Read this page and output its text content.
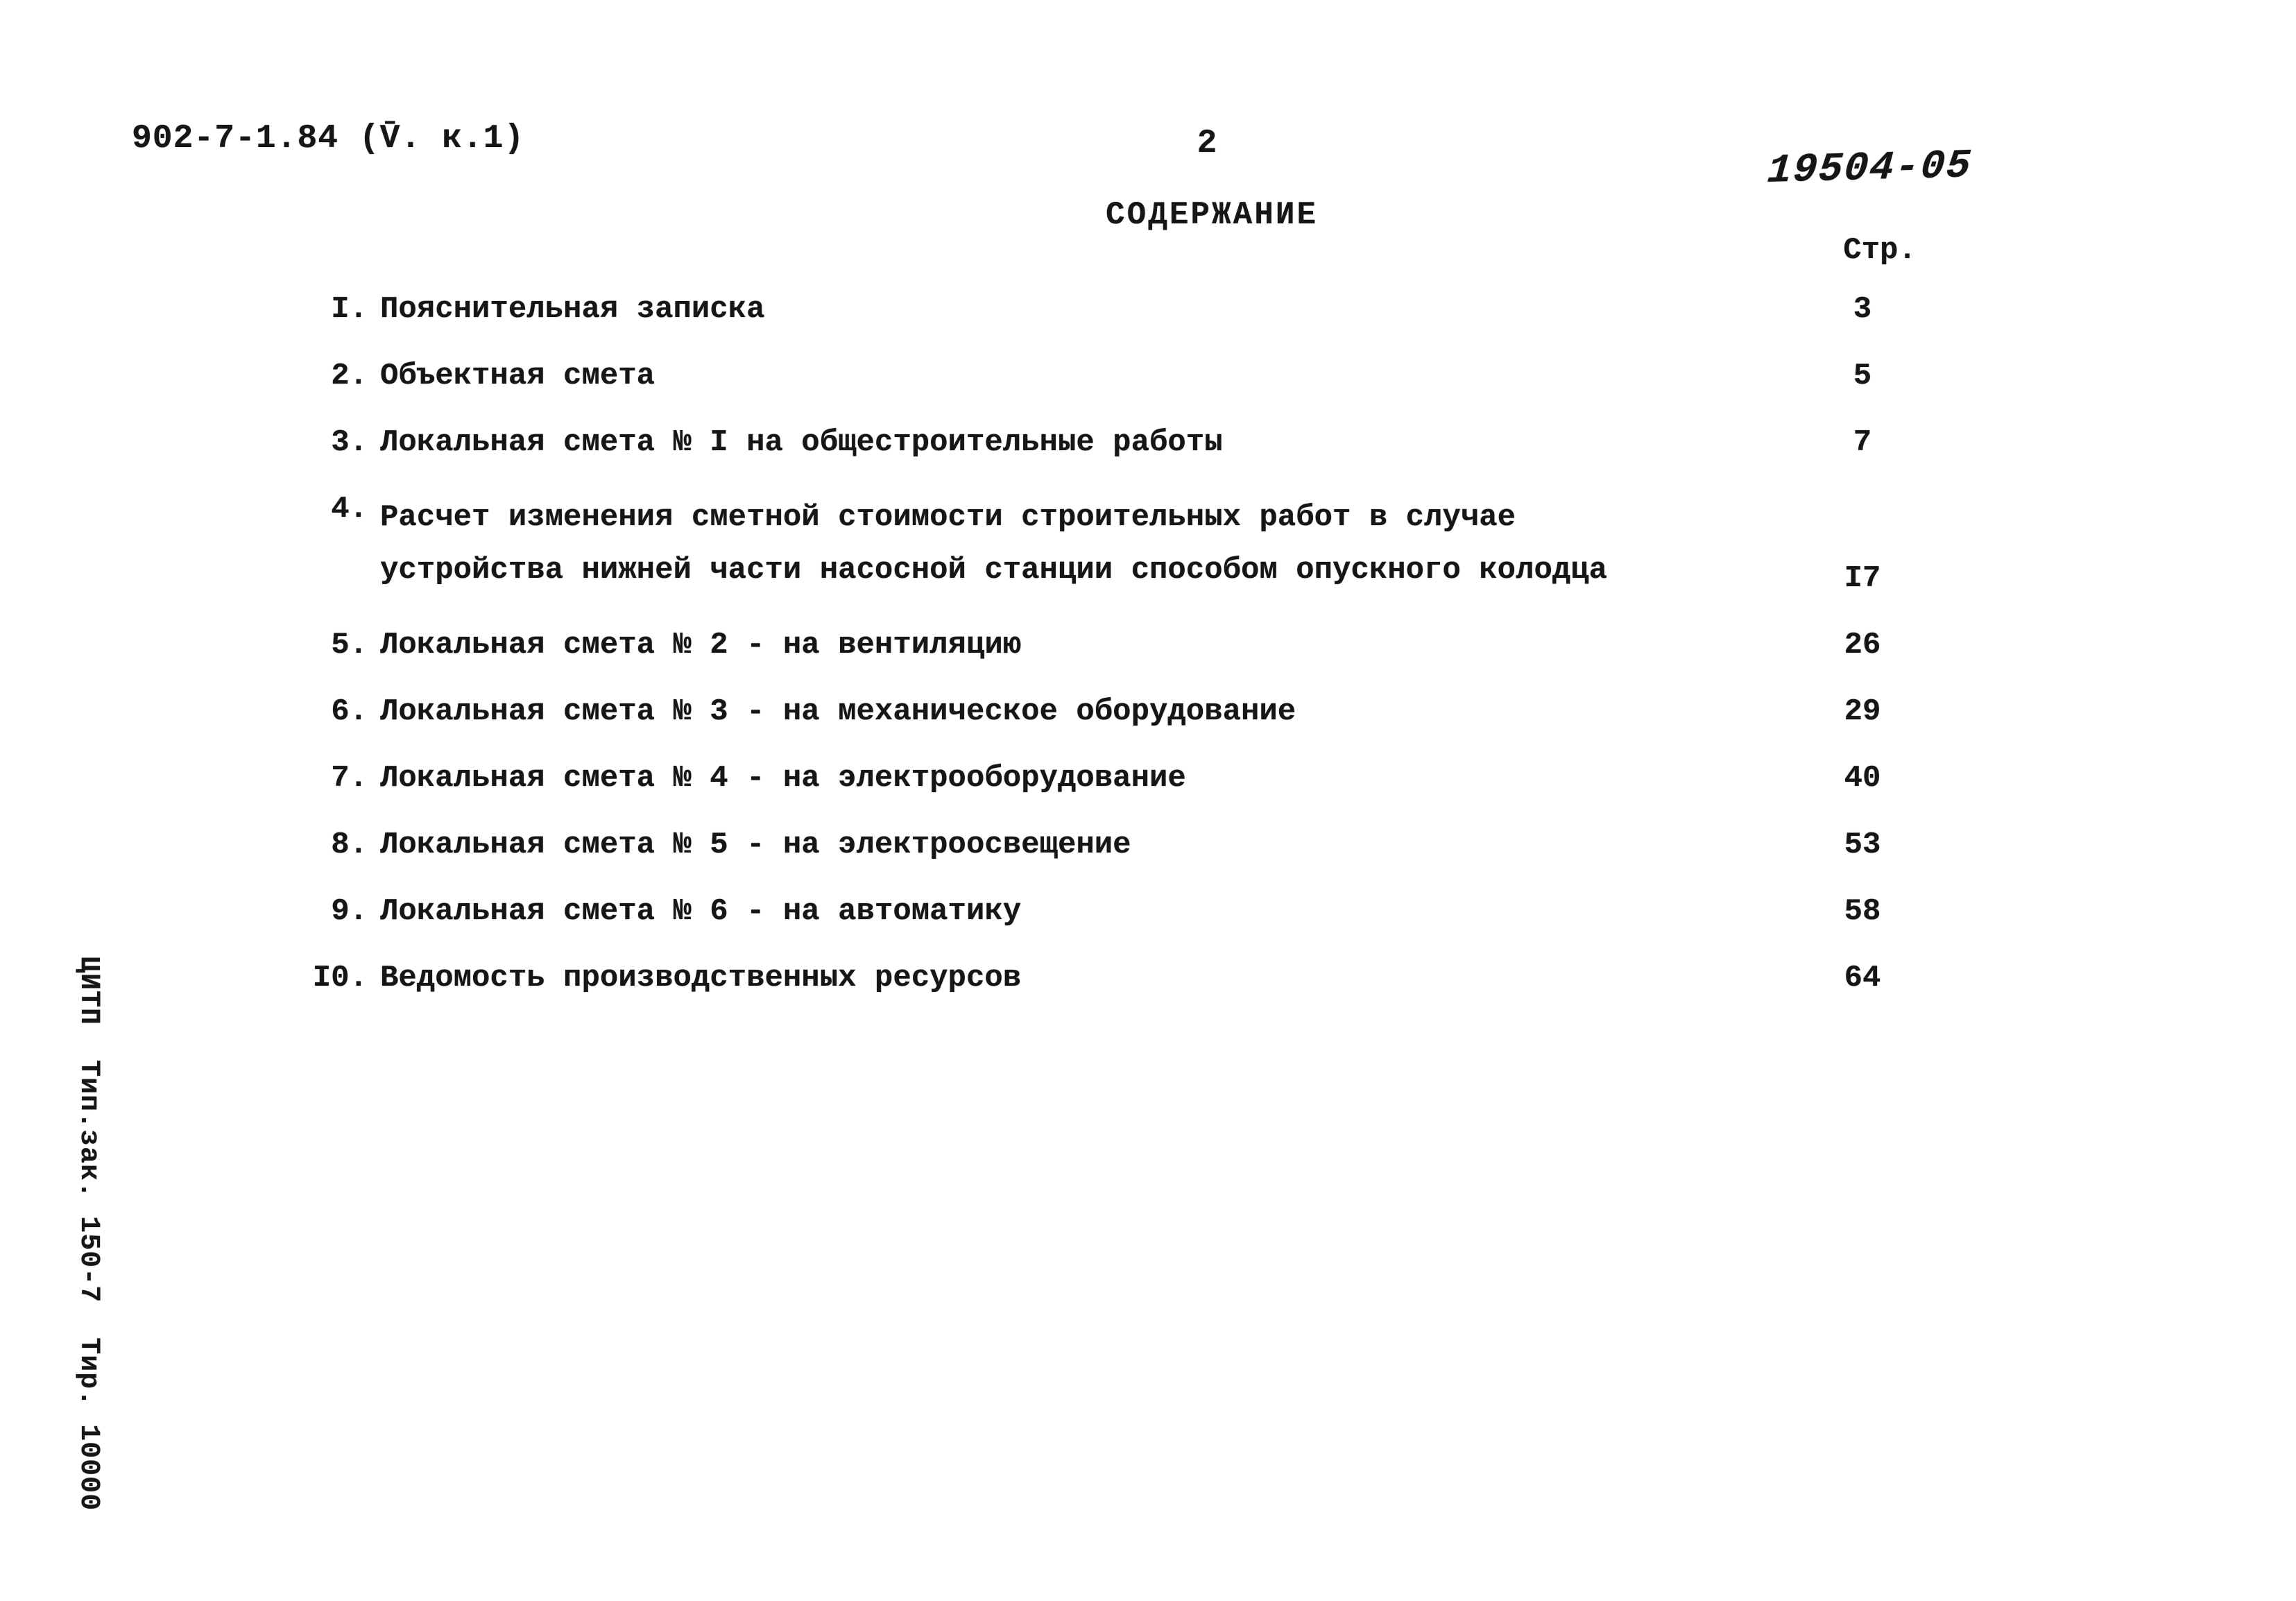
902-7-1.84 (V̄. к.1)	2
19504-05
СОДЕРЖАНИЕ
Стр.
I. Пояснительная записка	3
2. Объектная смета	5
3. Локальная смета № I на общестроительные работы	7
4. Расчет изменения сметной стоимости строительных работ в случае
устройства нижней части насосной станции способом опускного колодца	I7
5. Локальная смета № 2 - на вентиляцию	26
6. Локальная смета № 3 - на механическое оборудование	29
7. Локальная смета № 4 - на электрооборудование	40
8. Локальная смета № 5 - на электроосвещение	53
9. Локальная смета № 6 - на автоматику	58
I0. Ведомость производственных ресурсов	64
ЦИТП  Тип.зак. 150-7  Тир. 10000
